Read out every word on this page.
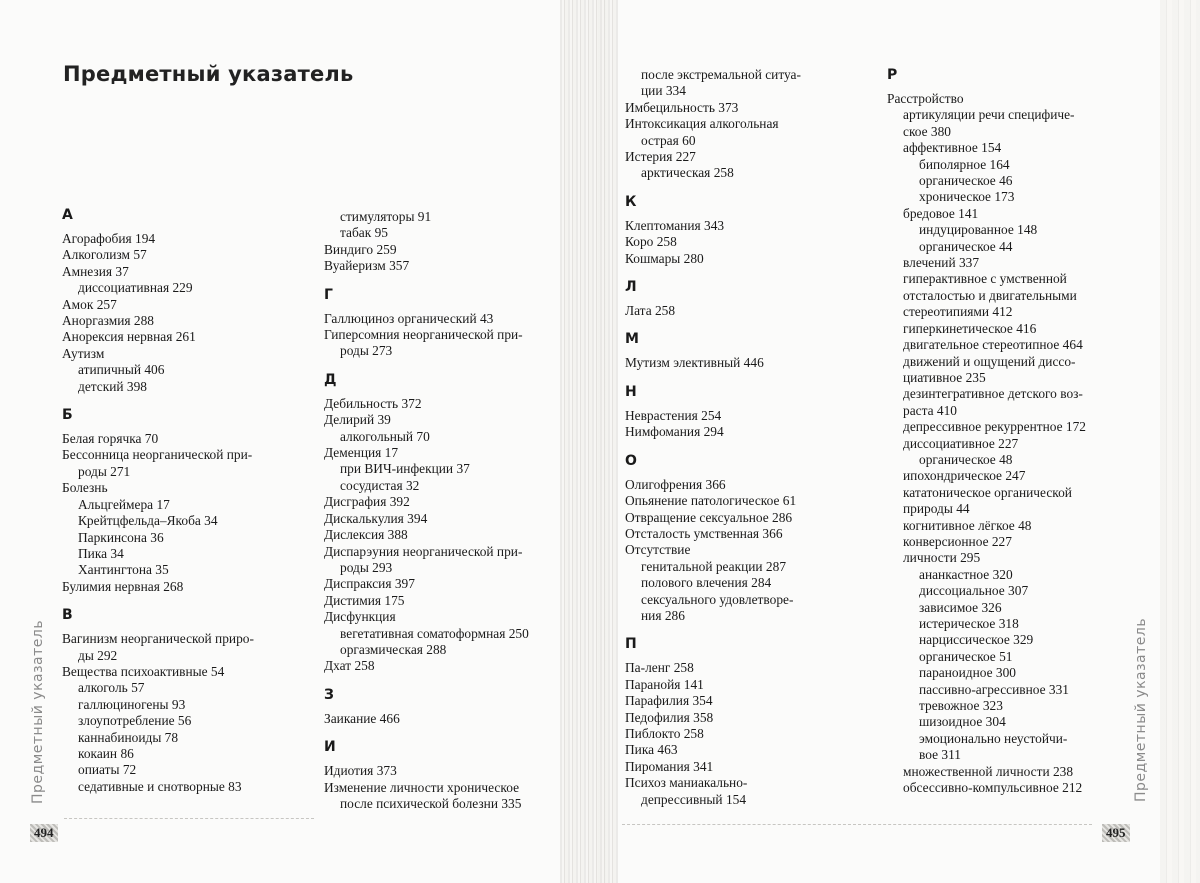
Предметный указатель
А
Агорафобия 194
Алкоголизм 57
Амнезия 37
диссоциативная 229
Амок 257
Аноргазмия 288
Анорексия нервная 261
Аутизм
атипичный 406
детский 398
Б
Белая горячка 70
Бессонница неорганической при-
роды 271
Болезнь
Альцгеймера 17
Крейтцфельда–Якоба 34
Паркинсона 36
Пика 34
Хантингтона 35
Булимия нервная 268
В
Вагинизм неорганической приро-
ды 292
Вещества психоактивные 54
алкоголь 57
галлюциногены 93
злоупотребление 56
каннабиноиды 78
кокаин 86
опиаты 72
седативные и снотворные 83
стимуляторы 91
табак 95
Виндиго 259
Вуайеризм 357
Г
Галлюциноз органический 43
Гиперсомния неорганической при-
роды 273
Д
Дебильность 372
Делирий 39
алкогольный 70
Деменция 17
при ВИЧ-инфекции 37
сосудистая 32
Дисграфия 392
Дискалькулия 394
Дислексия 388
Диспарэуния неорганической при-
роды 293
Диспраксия 397
Дистимия 175
Дисфункция
вегетативная соматоформная 250
оргазмическая 288
Дхат 258
З
Заикание 466
И
Идиотия 373
Изменение личности хроническое
после психической болезни 335
после экстремальной ситуа-
ции 334
Имбецильность 373
Интоксикация алкогольная
острая 60
Истерия 227
арктическая 258
К
Клептомания 343
Коро 258
Кошмары 280
Л
Лата 258
М
Мутизм элективный 446
Н
Неврастения 254
Нимфомания 294
О
Олигофрения 366
Опьянение патологическое 61
Отвращение сексуальное 286
Отсталость умственная 366
Отсутствие
генитальной реакции 287
полового влечения 284
сексуального удовлетворе-
ния 286
П
Па-ленг 258
Паранойя 141
Парафилия 354
Педофилия 358
Пиблокто 258
Пика 463
Пиромания 341
Психоз маниакально-
депрессивный 154
Р
Расстройство
артикуляции речи специфиче-
ское 380
аффективное 154
биполярное 164
органическое 46
хроническое 173
бредовое 141
индуцированное 148
органическое 44
влечений 337
гиперактивное с умственной
отсталостью и двигательными
стереотипиями 412
гиперкинетическое 416
двигательное стереотипное 464
движений и ощущений диссо-
циативное 235
дезинтегративное детского воз-
раста 410
депрессивное рекуррентное 172
диссоциативное 227
органическое 48
ипохондрическое 247
кататоническое органической
природы 44
когнитивное лёгкое 48
конверсионное 227
личности 295
ананкастное 320
диссоциальное 307
зависимое 326
истерическое 318
нарциссическое 329
органическое 51
параноидное 300
пассивно-агрессивное 331
тревожное 323
шизоидное 304
эмоционально неустойчи-
вое 311
множественной личности 238
обсессивно-компульсивное 212
Предметный указатель	Предметный указатель
494	495
